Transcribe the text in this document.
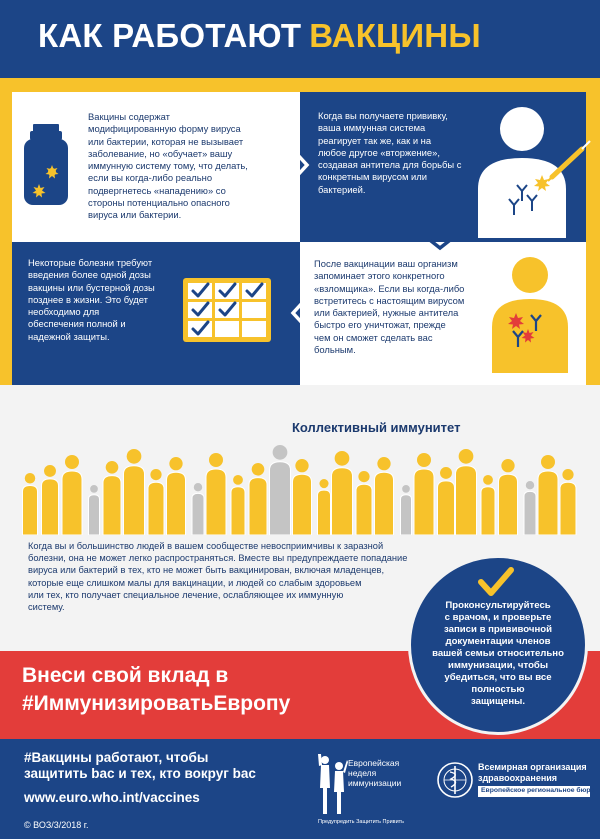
КАК РАБОТАЮТ ВАКЦИНЫ
Вакцины содержат
модифицированную форму вируса
или бактерии, которая не вызывает
заболевание, но «обучает» вашу
иммунную систему тому, что делать,
если вы когда-либо реально
подвергнетесь «нападению» со
стороны потенциально опасного
вируса или бактерии.
Когда вы получаете прививку,
ваша иммунная система
реагирует так же, как и на
любое другое «вторжение»,
создавая антитела для борьбы с
конкретным вирусом или
бактерией.
Некоторые болезни требуют
введения более одной дозы
вакцины или бустерной дозы
позднее в жизни. Это будет
необходимо для
обеспечения полной и
надежной защиты.
После вакцинации ваш организм
запоминает этого конкретного
«взломщика». Если вы когда-либо
встретитесь с настоящим вирусом
или бактерией, нужные антитела
быстро его уничтожат, прежде
чем он сможет сделать вас
больным.
Коллективный иммунитет
Когда вы и большинство людей в вашем сообществе невосприимчивы к заразной
болезни, она не может легко распространяться. Вместе вы предупреждаете попадание
вируса или бактерий в тех, кто не может быть вакцинирован, включая младенцев,
которые еще слишком малы для вакцинации, и людей со слабым здоровьем
или тех, кто получает специальное лечение, ослабляющее их иммунную
систему.
Внеси свой вклад в
#ИммунизироватьЕвропу
Проконсультируйтесь
с врачом, и проверьте
записи в прививочной
документации членов
вашей семьи относительно
иммунизации, чтобы
убедиться, что вы все
полностью
защищены.
#Вакцины работают, чтобы
защитить bac и тех, кто вокруг bac
www.euro.who.int/vaccines
© ВОЗ/3/2018 г.
Европейская
неделя
иммунизации
Предупредить Защитить Привить
Всемирная организация
здравоохранения
Европейское региональное бюро
